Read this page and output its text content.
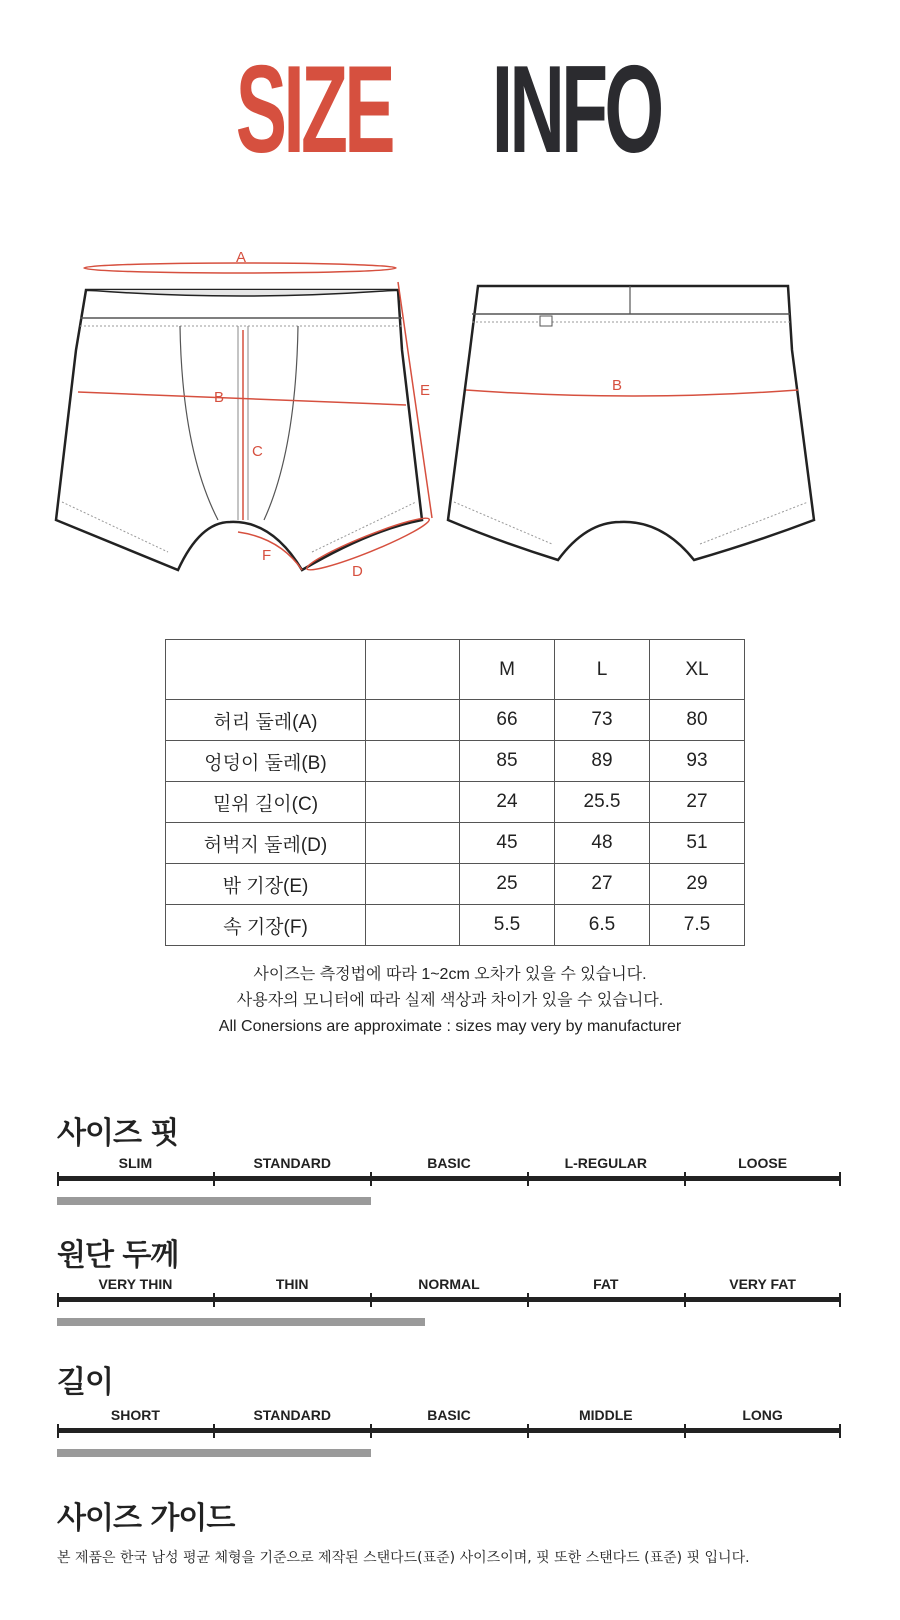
SIZE INFO
A
B
C
D
E
F
B
		M	L	XL
허리 둘레(A)		66	73	80
엉덩이 둘레(B)		85	89	93
밑위 길이(C)		24	25.5	27
허벅지 둘레(D)		45	48	51
밖 기장(E)		25	27	29
속 기장(F)		5.5	6.5	7.5
사이즈는 측정법에 따라 1~2cm 오차가 있을 수 있습니다.
사용자의 모니터에 따라 실제 색상과 차이가 있을 수 있습니다.
All Conersions are approximate : sizes may very by manufacturer
사이즈 핏
SLIM	STANDARD	BASIC	L-REGULAR	LOOSE
원단 두께
VERY THIN	THIN	NORMAL	FAT	VERY FAT
길이
SHORT	STANDARD	BASIC	MIDDLE	LONG
사이즈 가이드
본 제품은 한국 남성 평균 체형을 기준으로 제작된 스탠다드(표준) 사이즈이며, 핏 또한 스탠다드 (표준) 핏 입니다.
